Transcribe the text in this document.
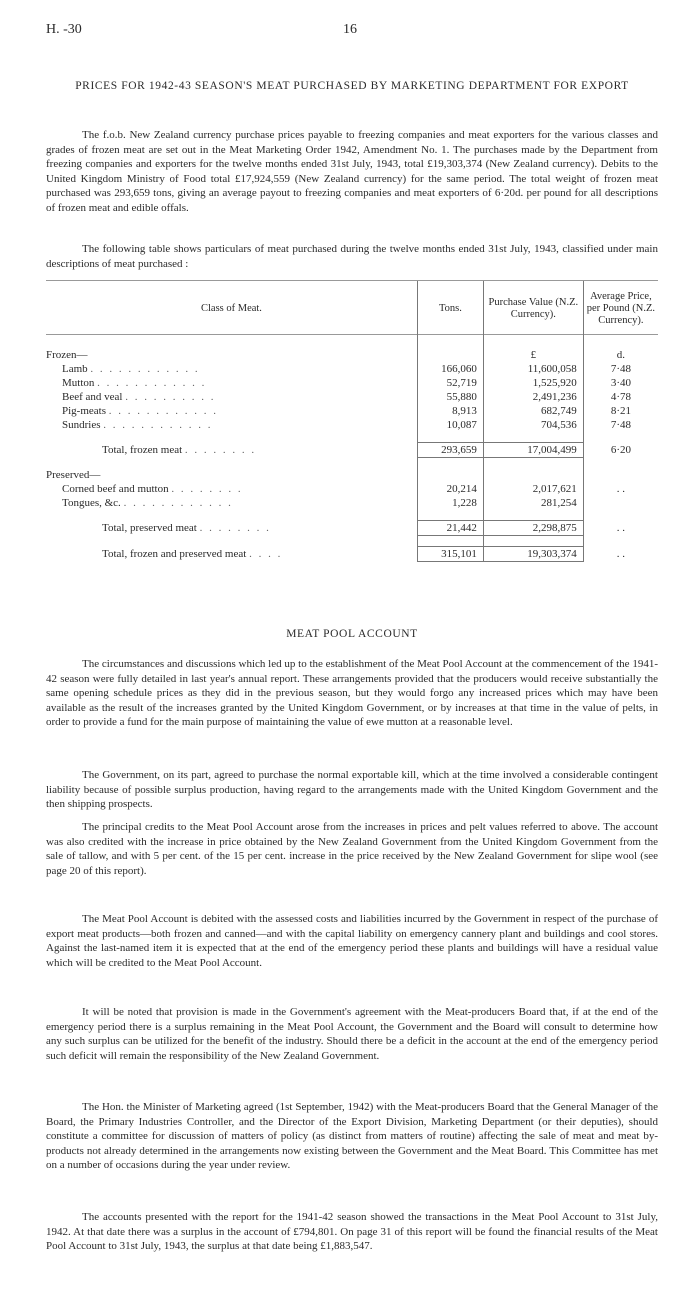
H. -30	16
PRICES FOR 1942-43 SEASON'S MEAT PURCHASED BY MARKETING DEPARTMENT FOR EXPORT

The f.o.b. New Zealand currency purchase prices payable to freezing companies and meat exporters for the various classes and grades of frozen meat are set out in the Meat Marketing Order 1942, Amendment No. 1. The purchases made by the Department from freezing companies and exporters for the twelve months ended 31st July, 1943, total £19,303,374 (New Zealand currency). Debits to the United Kingdom Ministry of Food total £17,924,559 (New Zealand currency) for the same period. The total weight of frozen meat purchased was 293,659 tons, giving an average payout to freezing companies and meat exporters of 6·20d. per pound for all descriptions of frozen meat and edible offals.

The following table shows particulars of meat purchased during the twelve months ended 31st July, 1943, classified under main descriptions of meat purchased :

Class of Meat.	Tons.	Purchase Value (N.Z. Currency).	Average Price, per Pound (N.Z. Currency).

Frozen—		£	d.
Lamb . . . . . . . . . . . .	166,060	11,600,058	7·48
Mutton . . . . . . . . . . . .	52,719	1,525,920	3·40
Beef and veal . . . . . . . . . .	55,880	2,491,236	4·78
Pig-meats . . . . . . . . . . . .	8,913	682,749	8·21
Sundries . . . . . . . . . . . .	10,087	704,536	7·48

Total, frozen meat . . . . . . . .	293,659	17,004,499	6·20

Preserved—			
Corned beef and mutton . . . . . . . .	20,214	2,017,621	. .
Tongues, &c. . . . . . . . . . . . .	1,228	281,254	

Total, preserved meat . . . . . . . .	21,442	2,298,875	. .

Total, frozen and preserved meat . . . .	315,101	19,303,374	. .
MEAT POOL ACCOUNT

The circumstances and discussions which led up to the establishment of the Meat Pool Account at the commencement of the 1941-42 season were fully detailed in last year's annual report. These arrangements provided that the producers would receive substantially the same opening schedule prices as they did in the previous season, but they would forgo any increased prices which may have been available as the result of the increases granted by the United Kingdom Government, or by increases at that time in the value of pelts, in order to provide a fund for the main purpose of maintaining the value of ewe mutton at a reasonable level.

The Government, on its part, agreed to purchase the normal exportable kill, which at the time involved a considerable contingent liability because of possible surplus production, having regard to the arrangements made with the United Kingdom Government and the then shipping prospects.

The principal credits to the Meat Pool Account arose from the increases in prices and pelt values referred to above. The account was also credited with the increase in price obtained by the New Zealand Government from the United Kingdom Government from the sale of tallow, and with 5 per cent. of the 15 per cent. increase in the price received by the New Zealand Government for slipe wool (see page 20 of this report).

The Meat Pool Account is debited with the assessed costs and liabilities incurred by the Government in respect of the purchase of export meat products—both frozen and canned—and with the capital liability on emergency cannery plant and buildings and cool stores. Against the last-named item it is expected that at the end of the emergency period these plants and buildings will have a residual value which will be credited to the Meat Pool Account.

It will be noted that provision is made in the Government's agreement with the Meat-producers Board that, if at the end of the emergency period there is a surplus remaining in the Meat Pool Account, the Government and the Board will consult to determine how any such surplus can be utilized for the benefit of the industry. Should there be a deficit in the account at the end of the emergency period such deficit will remain the responsibility of the New Zealand Government.

The Hon. the Minister of Marketing agreed (1st September, 1942) with the Meat-producers Board that the General Manager of the Board, the Primary Industries Controller, and the Director of the Export Division, Marketing Department (or their deputies), should constitute a committee for discussion of matters of policy (as distinct from matters of routine) affecting the sale of meat and meat by-products not already determined in the arrangements now existing between the Government and the Meat Board. This Committee has met on a number of occasions during the year under review.

The accounts presented with the report for the 1941-42 season showed the transactions in the Meat Pool Account to 31st July, 1942. At that date there was a surplus in the account of £794,801. On page 31 of this report will be found the financial results of the Meat Pool Account to 31st July, 1943, the surplus at that date being £1,883,547.
